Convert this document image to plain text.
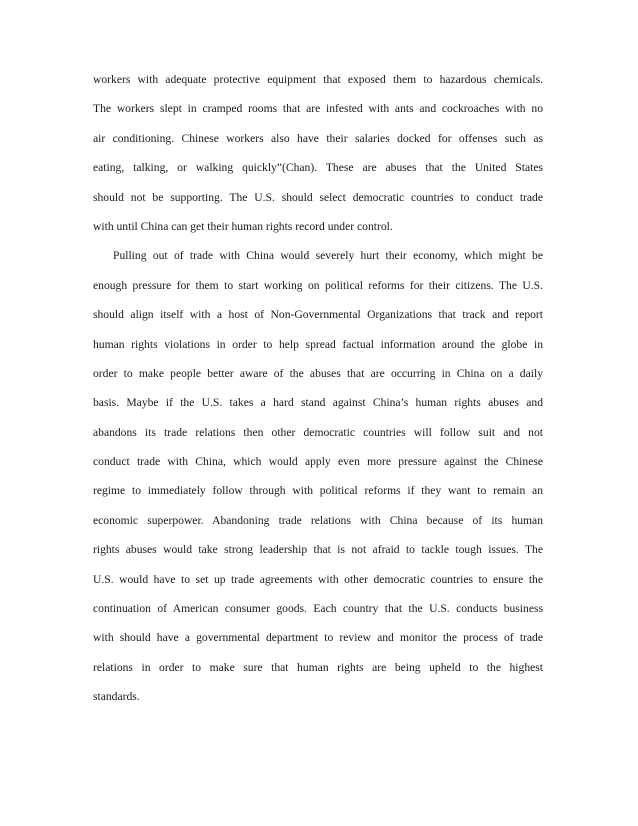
workers with adequate protective equipment that exposed them to hazardous chemicals.
The workers slept in cramped rooms that are infested with ants and cockroaches with no
air conditioning. Chinese workers also have their salaries docked for offenses such as
eating, talking, or walking quickly”(Chan). These are abuses that the United States
should not be supporting. The U.S. should select democratic countries to conduct trade
with until China can get their human rights record under control.
Pulling out of trade with China would severely hurt their economy, which might be
enough pressure for them to start working on political reforms for their citizens. The U.S.
should align itself with a host of Non-Governmental Organizations that track and report
human rights violations in order to help spread factual information around the globe in
order to make people better aware of the abuses that are occurring in China on a daily
basis. Maybe if the U.S. takes a hard stand against China’s human rights abuses and
abandons its trade relations then other democratic countries will follow suit and not
conduct trade with China, which would apply even more pressure against the Chinese
regime to immediately follow through with political reforms if they want to remain an
economic superpower. Abandoning trade relations with China because of its human
rights abuses would take strong leadership that is not afraid to tackle tough issues. The
U.S. would have to set up trade agreements with other democratic countries to ensure the
continuation of American consumer goods. Each country that the U.S. conducts business
with should have a governmental department to review and monitor the process of trade
relations in order to make sure that human rights are being upheld to the highest
standards.
